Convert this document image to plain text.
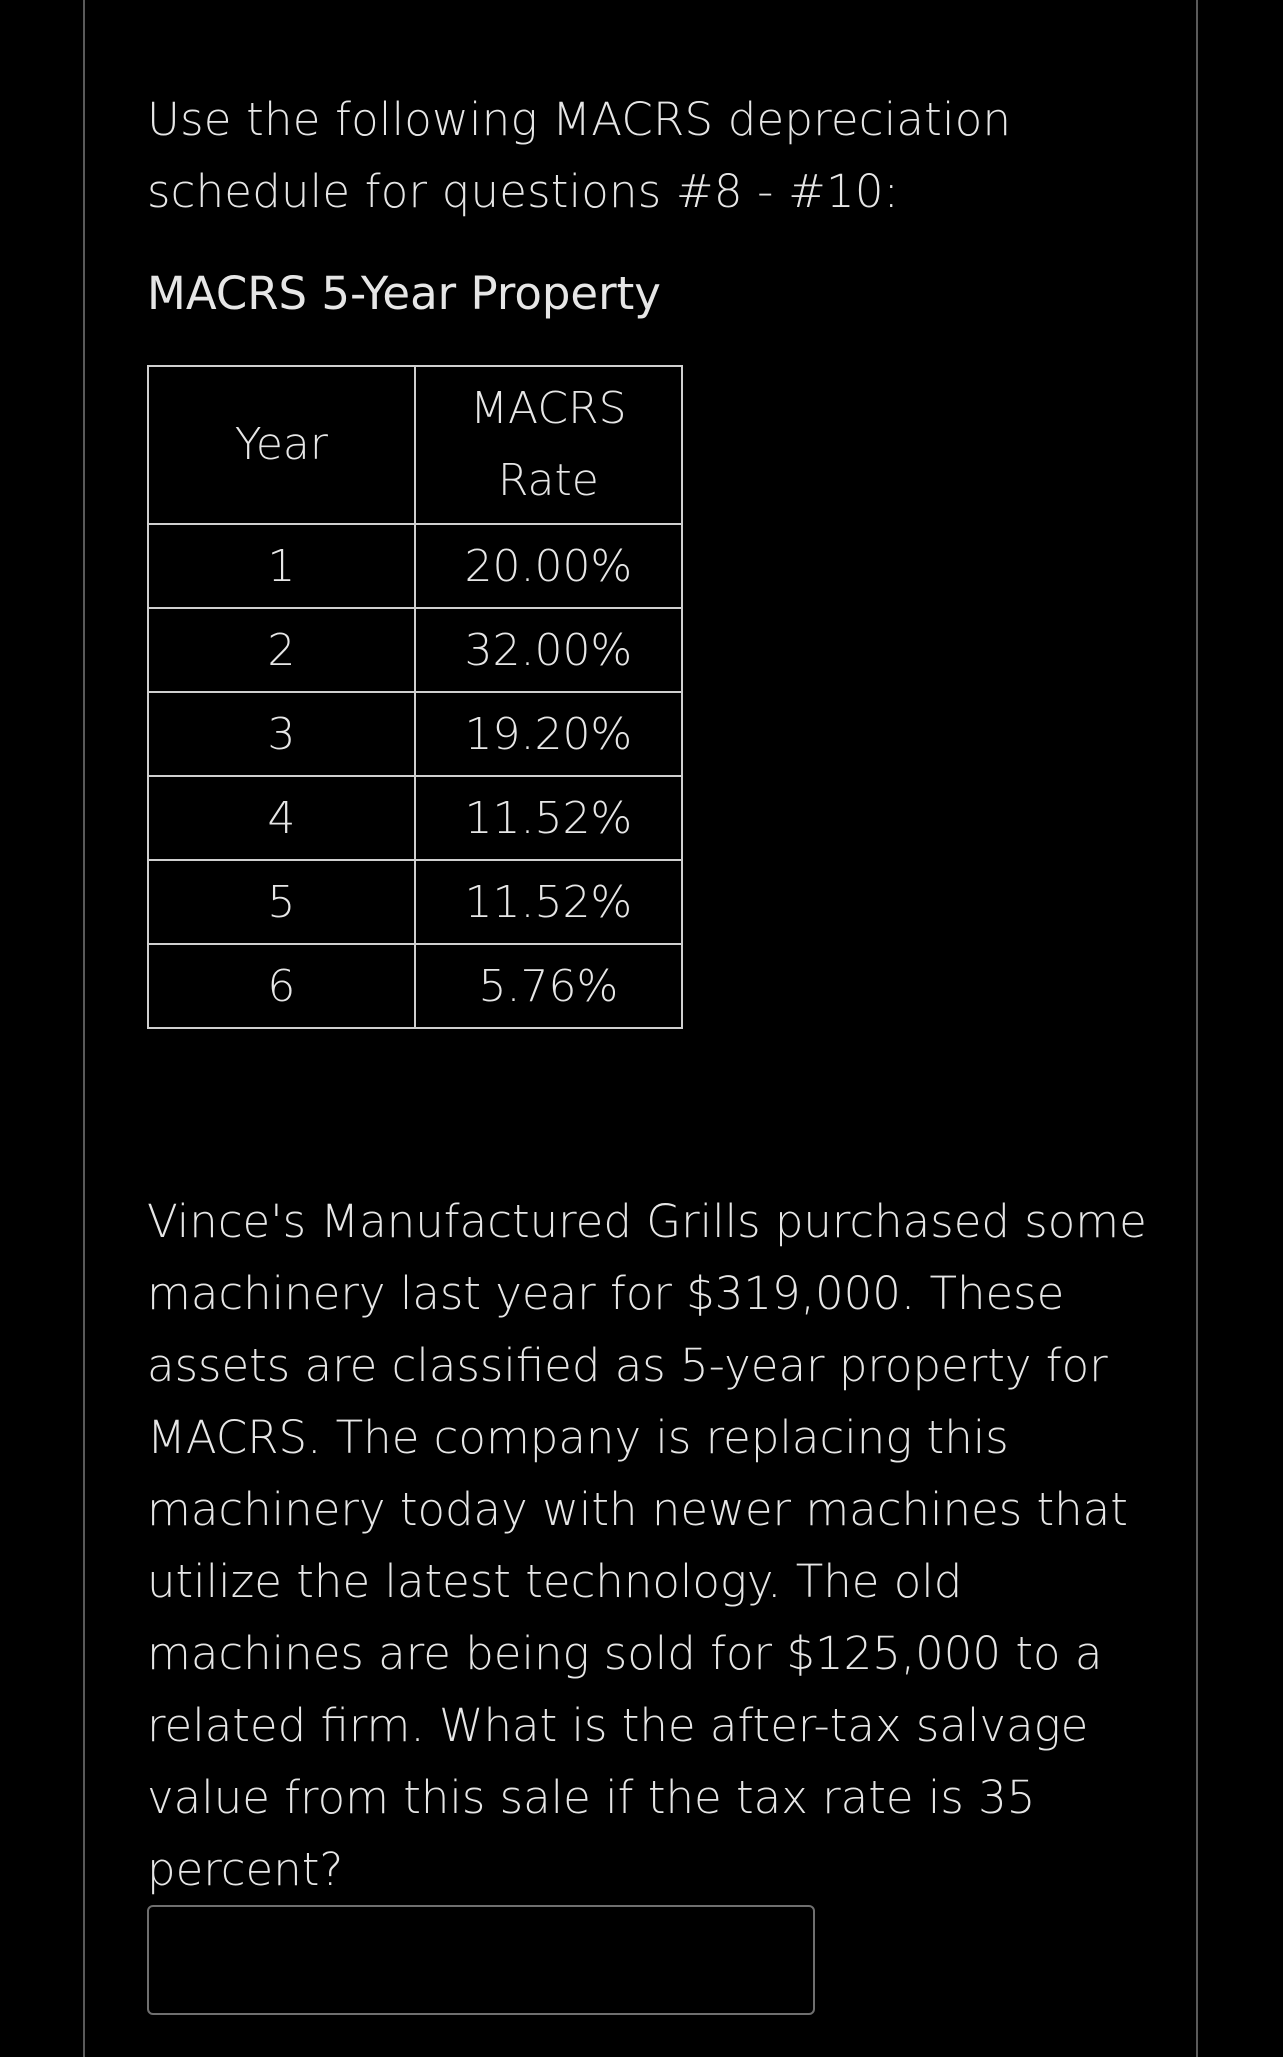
Use the following MACRS depreciation schedule for questions #8 - #10:
MACRS 5-Year Property
Year	MACRS
Rate

1	20.00%
2	32.00%
3	19.20%
4	11.52%
5	11.52%
6	5.76%
Vince's Manufactured Grills purchased some machinery last year for $319,000. These assets are classified as 5-year property for MACRS. The company is replacing this machinery today with newer machines that utilize the latest technology. The old machines are being sold for $125,000 to a related firm. What is the after-tax salvage value from this sale if the tax rate is 35 percent?
